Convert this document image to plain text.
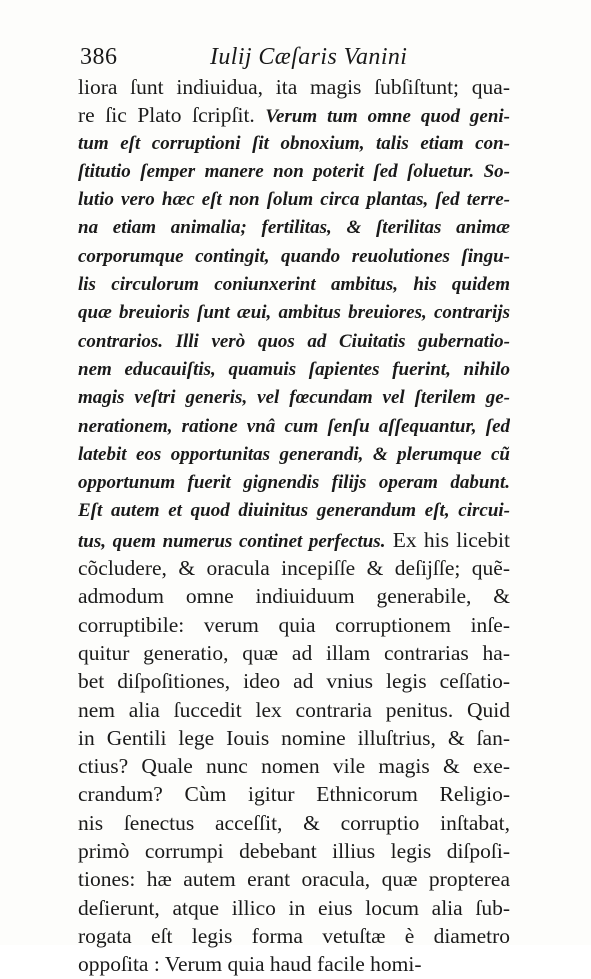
386	Iulij Cæſaris Vanini
liora ſunt indiuidua, ita magis ſubſiſtunt; qua-
re ſic Plato ſcripſit. Verum tum omne quod geni-
tum eſt corruptioni ſit obnoxium, talis etiam con-
ſtitutio ſemper manere non poterit ſed ſoluetur. So-
lutio vero hæc eſt non ſolum circa plantas, ſed terre-
na etiam animalia; fertilitas, & ſterilitas animæ
corporumque contingit, quando reuolutiones ſingu-
lis circulorum coniunxerint ambitus, his quidem
quæ breuioris ſunt æui, ambitus breuiores, contrarijs
contrarios. Illi verò quos ad Ciuitatis gubernatio-
nem educauiſtis, quamuis ſapientes fuerint, nihilo
magis veſtri generis, vel fœcundam vel ſterilem ge-
nerationem, ratione vnâ cum ſenſu aſſequantur, ſed
latebit eos opportunitas generandi, & plerumque cũ
opportunum fuerit gignendis filijs operam dabunt.
Eſt autem et quod diuinitus generandum eſt, circui-
tus, quem numerus continet perfectus. Ex his licebit
cõcludere, & oracula incepiſſe & deſijſſe; quẽ-
admodum omne indiuiduum generabile, &
corruptibile: verum quia corruptionem inſe-
quitur generatio, quæ ad illam contrarias ha-
bet diſpoſitiones, ideo ad vnius legis ceſſatio-
nem alia ſuccedit lex contraria penitus. Quid
in Gentili lege Iouis nomine illuſtrius, & ſan-
ctius? Quale nunc nomen vile magis & exe-
crandum? Cùm igitur Ethnicorum Religio-
nis ſenectus acceſſit, & corruptio inſtabat,
primò corrumpi debebant illius legis diſpoſi-
tiones: hæ autem erant oracula, quæ propterea
deſierunt, atque illico in eius locum alia ſub-
rogata eſt legis forma vetuſtæ è diametro
oppoſita : Verum quia haud facile homi-
